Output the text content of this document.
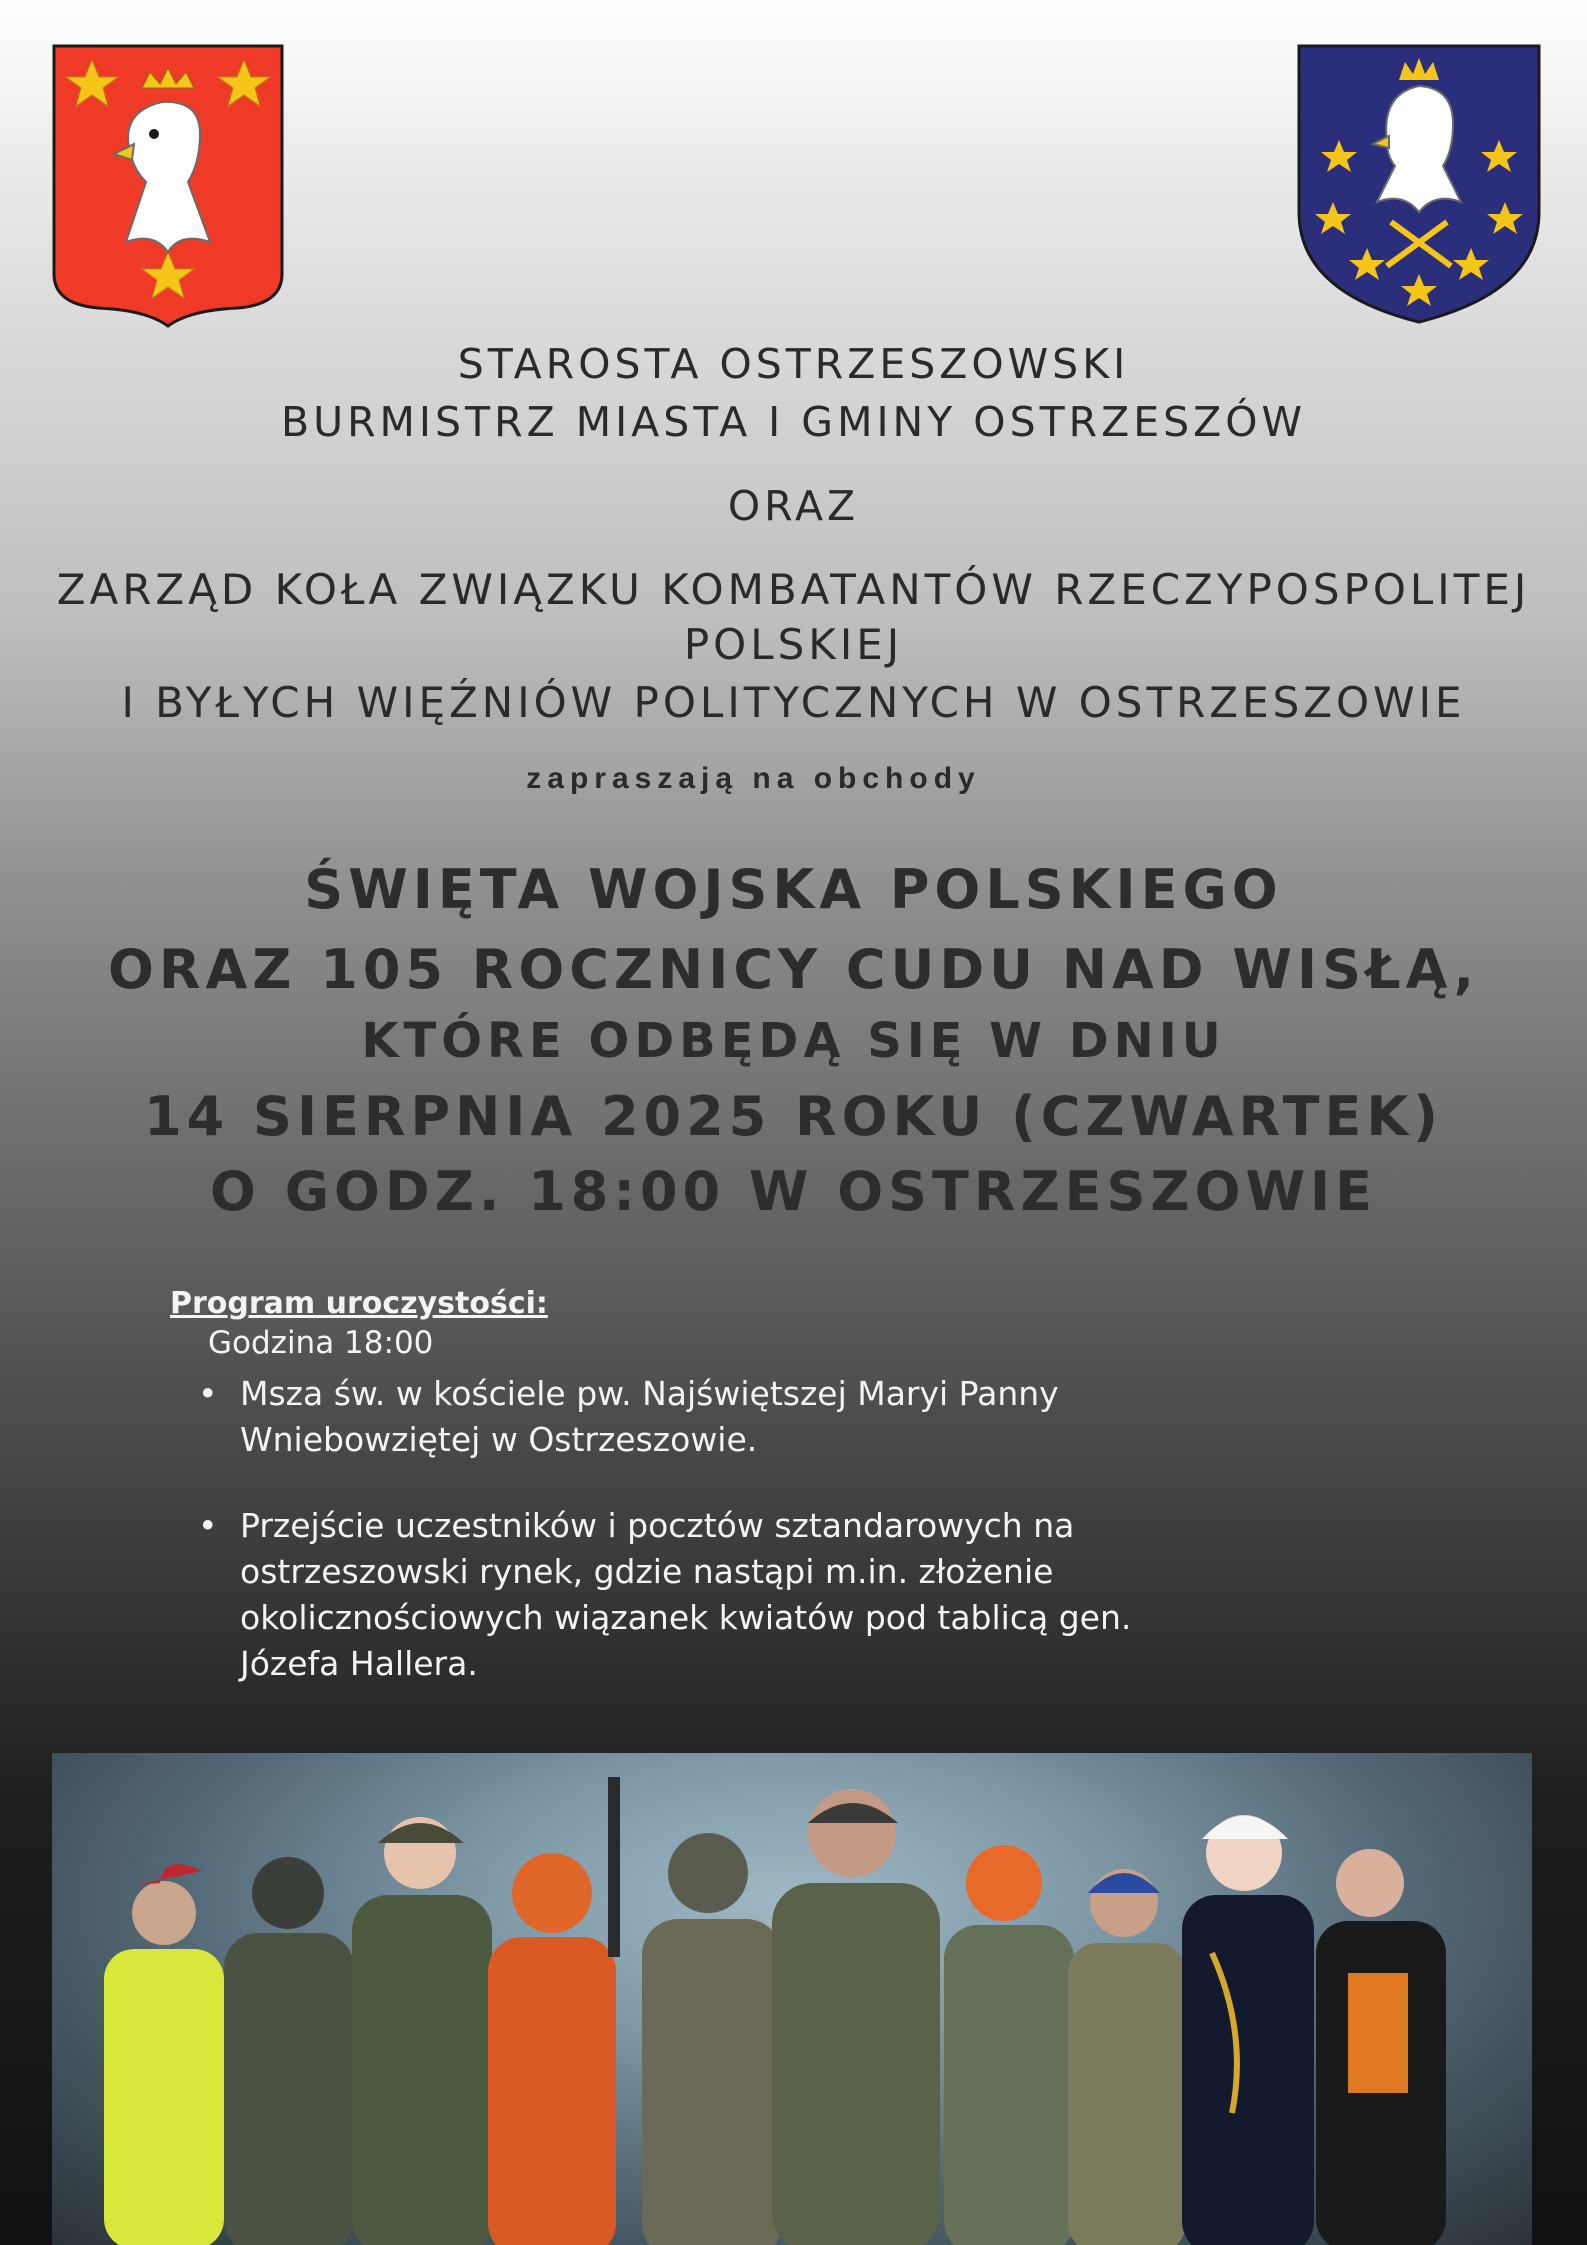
STAROSTA OSTRZESZOWSKI
BURMISTRZ MIASTA I GMINY OSTRZESZÓW
ORAZ
ZARZĄD KOŁA ZWIĄZKU KOMBATANTÓW RZECZYPOSPOLITEJ
POLSKIEJ
I BYŁYCH WIĘŹNIÓW POLITYCZNYCH W OSTRZESZOWIE
zapraszają na obchody
ŚWIĘTA WOJSKA POLSKIEGO
ORAZ 105 ROCZNICY CUDU NAD WISŁĄ,
KTÓRE ODBĘDĄ SIĘ W DNIU
14 SIERPNIA 2025 ROKU (CZWARTEK)
O GODZ. 18:00 W OSTRZESZOWIE
Program uroczystości:
Godzina 18:00
• Msza św. w kościele pw. Najświętszej Maryi Panny
Wniebowziętej w Ostrzeszowie.
• Przejście uczestników i pocztów sztandarowych na
ostrzeszowski rynek, gdzie nastąpi m.in. złożenie
okolicznościowych wiązanek kwiatów pod tablicą gen.
Józefa Hallera.
